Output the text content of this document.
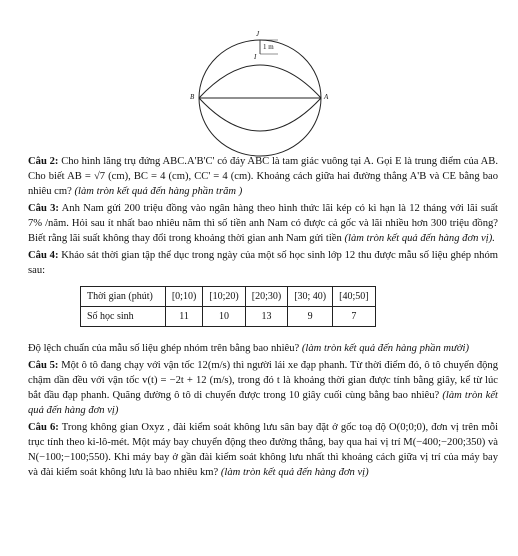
J
I
1 m
B	A

Câu 2: Cho hình lăng trụ đứng ABC.A'B'C' có đáy ABC là tam giác vuông tại A. Gọi E là trung điểm của AB. Cho biết AB = √7 (cm), BC = 4 (cm), CC' = 4 (cm). Khoảng cách giữa hai đường thẳng A'B và CE bằng bao nhiêu cm? (làm tròn kết quả đến hàng phần trăm )

Câu 3: Anh Nam gửi 200 triệu đồng vào ngân hàng theo hình thức lãi kép có kì hạn là 12 tháng với lãi suất 7% /năm. Hỏi sau ít nhất bao nhiêu năm thì số tiền anh Nam có được cả gốc và lãi nhiều hơn 300 triệu đồng? Biết rằng lãi suất không thay đổi trong khoảng thời gian anh Nam gửi tiền (làm tròn kết quả đến hàng đơn vị).

Câu 4: Khảo sát thời gian tập thể dục trong ngày của một số học sinh lớp 12 thu được mẫu số liệu ghép nhóm sau:

Thời gian (phút)	[0;10)	[10;20)	[20;30)	[30; 40)	[40;50]
Số học sinh	11	10	13	9	7

Độ lệch chuẩn của mẫu số liệu ghép nhóm trên bằng bao nhiêu? (làm tròn kết quả đến hàng phần mười)

Câu 5: Một ô tô đang chạy với vận tốc 12(m/s) thì người lái xe đạp phanh. Từ thời điểm đó, ô tô chuyển động chậm dần đều với vận tốc v(t) = −2t + 12 (m/s), trong đó t là khoảng thời gian được tính bằng giây, kể từ lúc bắt đầu đạp phanh. Quãng đường ô tô di chuyển được trong 10 giây cuối cùng bằng bao nhiêu? (làm tròn kết quả đến hàng đơn vị)

Câu 6: Trong không gian Oxyz , đài kiểm soát không lưu sân bay đặt ở gốc toạ độ O(0;0;0), đơn vị trên mỗi trục tính theo ki-lô-mét. Một máy bay chuyển động theo đường thẳng, bay qua hai vị trí M(−400;−200;350) và N(−100;−100;550). Khi máy bay ở gần đài kiểm soát không lưu nhất thì khoảng cách giữa vị trí của máy bay và đài kiểm soát không lưu là bao nhiêu km? (làm tròn kết quả đến hàng đơn vị)
